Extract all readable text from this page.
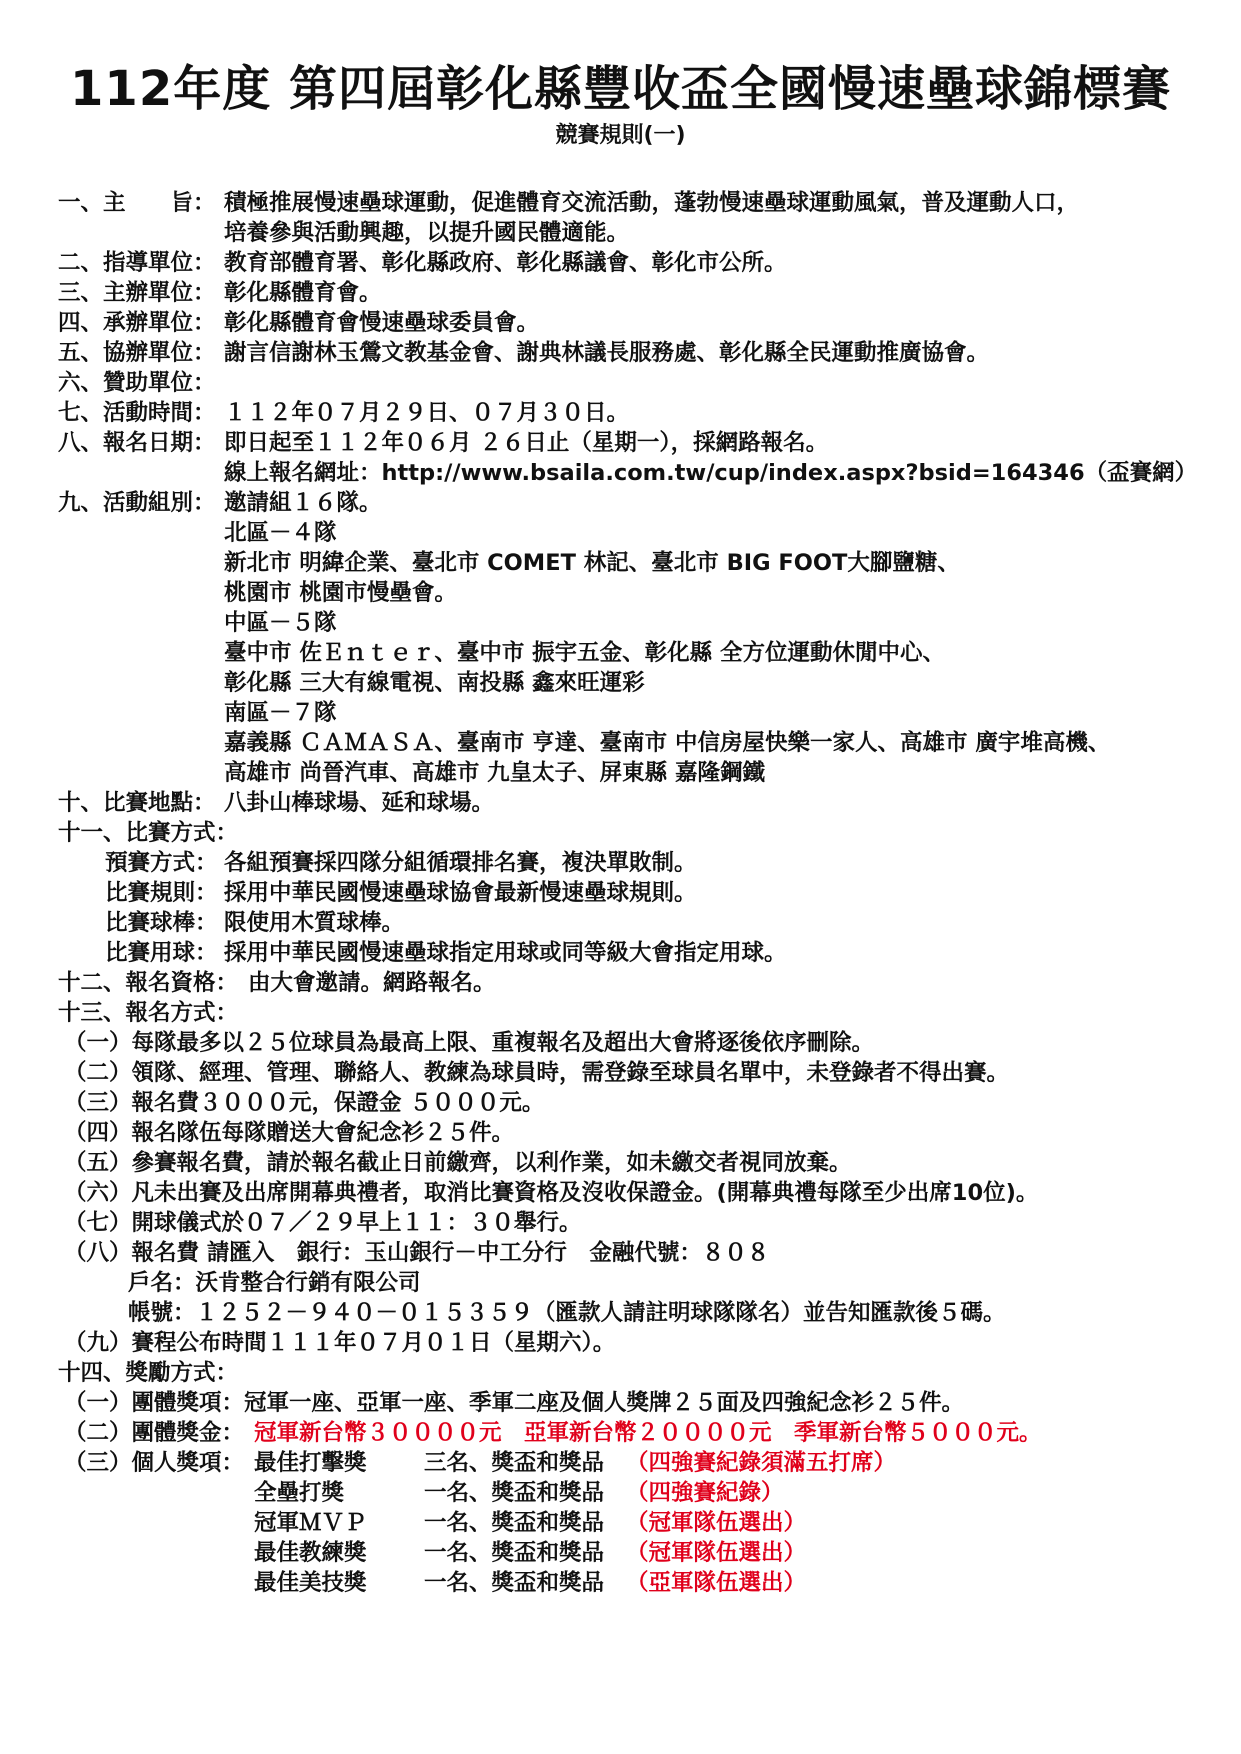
112年度 第四屆彰化縣豐收盃全國慢速壘球錦標賽
競賽規則(一)
一、主　　旨： 積極推展慢速壘球運動，促進體育交流活動，蓬勃慢速壘球運動風氣，普及運動人口，
培養參與活動興趣，以提升國民體適能。
二、指導單位： 教育部體育署、彰化縣政府、彰化縣議會、彰化市公所。
三、主辦單位： 彰化縣體育會。
四、承辦單位： 彰化縣體育會慢速壘球委員會。
五、協辦單位： 謝言信謝林玉鶯文教基金會、謝典林議長服務處、彰化縣全民運動推廣協會。
六、贊助單位：
七、活動時間： １１２年０７月２９日、０７月３０日。
八、報名日期： 即日起至１１２年０６月 ２６日止（星期一），採網路報名。
線上報名網址：http://www.bsaila.com.tw/cup/index.aspx?bsid=164346（盃賽網）
九、活動組別： 邀請組１６隊。
北區－４隊
新北市 明緯企業、臺北市 COMET 林記、臺北市 BIG FOOT大腳鹽糖、
桃園市 桃園市慢壘會。
中區－５隊
臺中市 佐Ｅｎｔｅｒ、臺中市 振宇五金、彰化縣 全方位運動休閒中心、
彰化縣 三大有線電視、南投縣 鑫來旺運彩
南區－７隊
嘉義縣 ＣＡＭＡＳＡ、臺南市 亨達、臺南市 中信房屋快樂一家人、高雄市 廣宇堆高機、
高雄市 尚晉汽車、高雄市 九皇太子、屏東縣 嘉隆鋼鐵
十、比賽地點： 八卦山棒球場、延和球場。
十一、比賽方式：
預賽方式： 各組預賽採四隊分組循環排名賽，複決單敗制。
比賽規則： 採用中華民國慢速壘球協會最新慢速壘球規則。
比賽球棒： 限使用木質球棒。
比賽用球： 採用中華民國慢速壘球指定用球或同等級大會指定用球。
十二、報名資格： 由大會邀請。網路報名。
十三、報名方式：
（一）每隊最多以２５位球員為最高上限、重複報名及超出大會將逐後依序刪除。
（二）領隊、經理、管理、聯絡人、教練為球員時，需登錄至球員名單中，未登錄者不得出賽。
（三）報名費３０００元，保證金 ５０００元。
（四）報名隊伍每隊贈送大會紀念衫２５件。
（五）參賽報名費，請於報名截止日前繳齊，以利作業，如未繳交者視同放棄。
（六）凡未出賽及出席開幕典禮者，取消比賽資格及沒收保證金。(開幕典禮每隊至少出席10位)。
（七）開球儀式於０７／２９早上１１：３０舉行。
（八）報名費 請匯入　銀行：玉山銀行－中工分行　金融代號：８０８
戶名：沃肯整合行銷有限公司
帳號：１２５２－９４０－０１５３５９（匯款人請註明球隊隊名）並告知匯款後５碼。
（九）賽程公布時間１１１年０７月０１日（星期六）。
十四、獎勵方式：
（一）團體獎項：冠軍一座、亞軍一座、季軍二座及個人獎牌２５面及四強紀念衫２５件。
（二）團體獎金： 冠軍新台幣３００００元　亞軍新台幣２００００元　季軍新台幣５０００元。
（三）個人獎項： 最佳打擊獎	三名、獎盃和獎品 （四強賽紀錄須滿五打席）
全壘打獎	一名、獎盃和獎品 （四強賽紀錄）
冠軍ＭＶＰ	一名、獎盃和獎品 （冠軍隊伍選出）
最佳教練獎	一名、獎盃和獎品 （冠軍隊伍選出）
最佳美技獎	一名、獎盃和獎品 （亞軍隊伍選出）
